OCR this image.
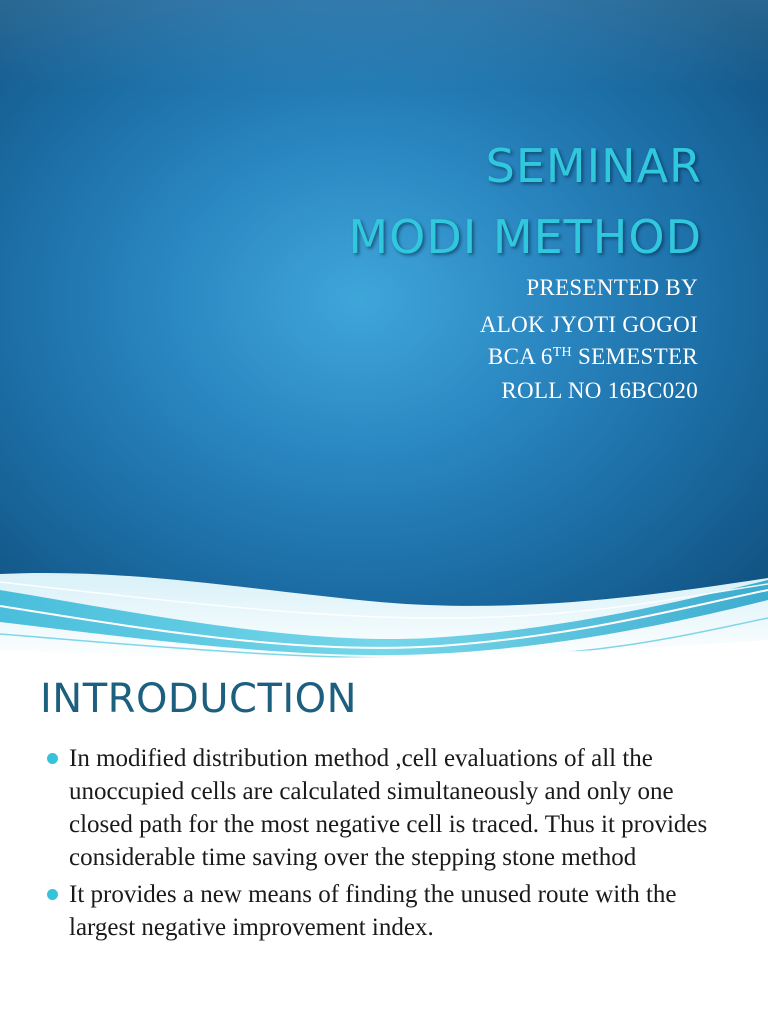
SEMINAR
MODI METHOD

PRESENTED BY

ALOK JYOTI GOGOI

BCA 6TH SEMESTER

ROLL NO 16BC020

INTRODUCTION
In modified distribution method ,cell evaluations of all the unoccupied cells are calculated simultaneously and only one closed path for the most negative cell is traced. Thus it provides considerable time saving over the stepping stone method
It provides a new means of finding the unused route with the largest negative improvement index.
